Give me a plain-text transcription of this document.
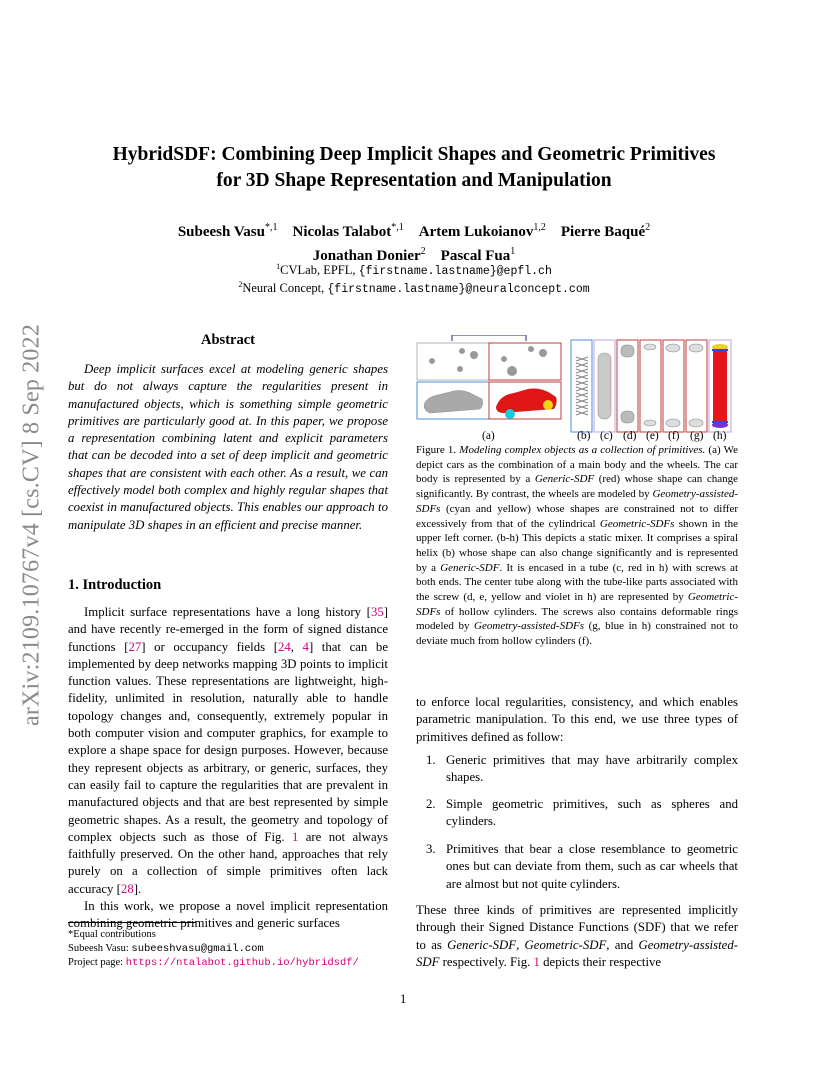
arXiv:2109.10767v4 [cs.CV] 8 Sep 2022
HybridSDF: Combining Deep Implicit Shapes and Geometric Primitives
for 3D Shape Representation and Manipulation
Subeesh Vasu$^{*,1}$ Nicolas Talabot$^{*,1}$ Artem Lukoianov$^{1,2}$ Pierre Baqué$^2$
Jonathan Donier$^2$ Pascal Fua$^1$
$^1$CVLab, EPFL, {firstname.lastname}@epfl.ch
$^2$Neural Concept, {firstname.lastname}@neuralconcept.com
Abstract

Deep implicit surfaces excel at modeling generic shapes but do not always capture the regularities present in manufactured objects, which is something simple geometric primitives are particularly good at. In this paper, we propose a representation combining latent and explicit parameters that can be decoded into a set of deep implicit and geometric shapes that are consistent with each other. As a result, we can effectively model both complex and highly regular shapes that coexist in manufactured objects. This enables our approach to manipulate 3D shapes in an efficient and precise manner.

1. Introduction

Implicit surface representations have a long history [35] and have recently re-emerged in the form of signed distance functions [27] or occupancy fields [24, 4] that can be implemented by deep networks mapping 3D points to implicit function values. These representations are lightweight, high-fidelity, unlimited in resolution, naturally able to handle topology changes and, consequently, extremely popular in both computer vision and computer graphics, for example to explore a shape space for design purposes. However, because they represent objects as arbitrary, or generic, surfaces, they can easily fail to capture the regularities that are prevalent in manufactured objects and that are best represented by simple geometric shapes. As a result, the geometry and topology of complex objects such as those of Fig. 1 are not always faithfully preserved. On the other hand, approaches that rely purely on a collection of simple primitives often lack accuracy [28].

In this work, we propose a novel implicit representation combining geometric primitives and generic surfaces

*Equal contributions
Subeesh Vasu: subeeshvasu@gmail.com
Project page: https://ntalabot.github.io/hybridsdf/
(a)	(b) (c) (d) (e) (f) (g) (h)

Figure 1. Modeling complex objects as a collection of primitives. (a) We depict cars as the combination of a main body and the wheels. The car body is represented by a Generic-SDF (red) whose shape can change significantly. By contrast, the wheels are modeled by Geometry-assisted-SDFs (cyan and yellow) whose shapes are constrained not to differ excessively from that of the cylindrical Geometric-SDFs shown in the upper left corner. (b-h) This depicts a static mixer. It comprises a spiral helix (b) whose shape can also change significantly and is represented by a Generic-SDF. It is encased in a tube (c, red in h) with screws at both ends. The center tube along with the tube-like parts associated with the screw (d, e, yellow and violet in h) are represented by Geometric-SDFs of hollow cylinders. The screws also contains deformable rings modeled by Geometry-assisted-SDFs (g, blue in h) constrained not to deviate much from hollow cylinders (f).

to enforce local regularities, consistency, and which enables parametric manipulation. To this end, we use three types of primitives defined as follow:

1. Generic primitives that may have arbitrarily complex shapes.
2. Simple geometric primitives, such as spheres and cylinders.
3. Primitives that bear a close resemblance to geometric ones but can deviate from them, such as car wheels that are almost but not quite cylinders.

These three kinds of primitives are represented implicitly through their Signed Distance Functions (SDF) that we refer to as Generic-SDF, Geometric-SDF, and Geometry-assisted-SDF respectively. Fig. 1 depicts their respective

1
